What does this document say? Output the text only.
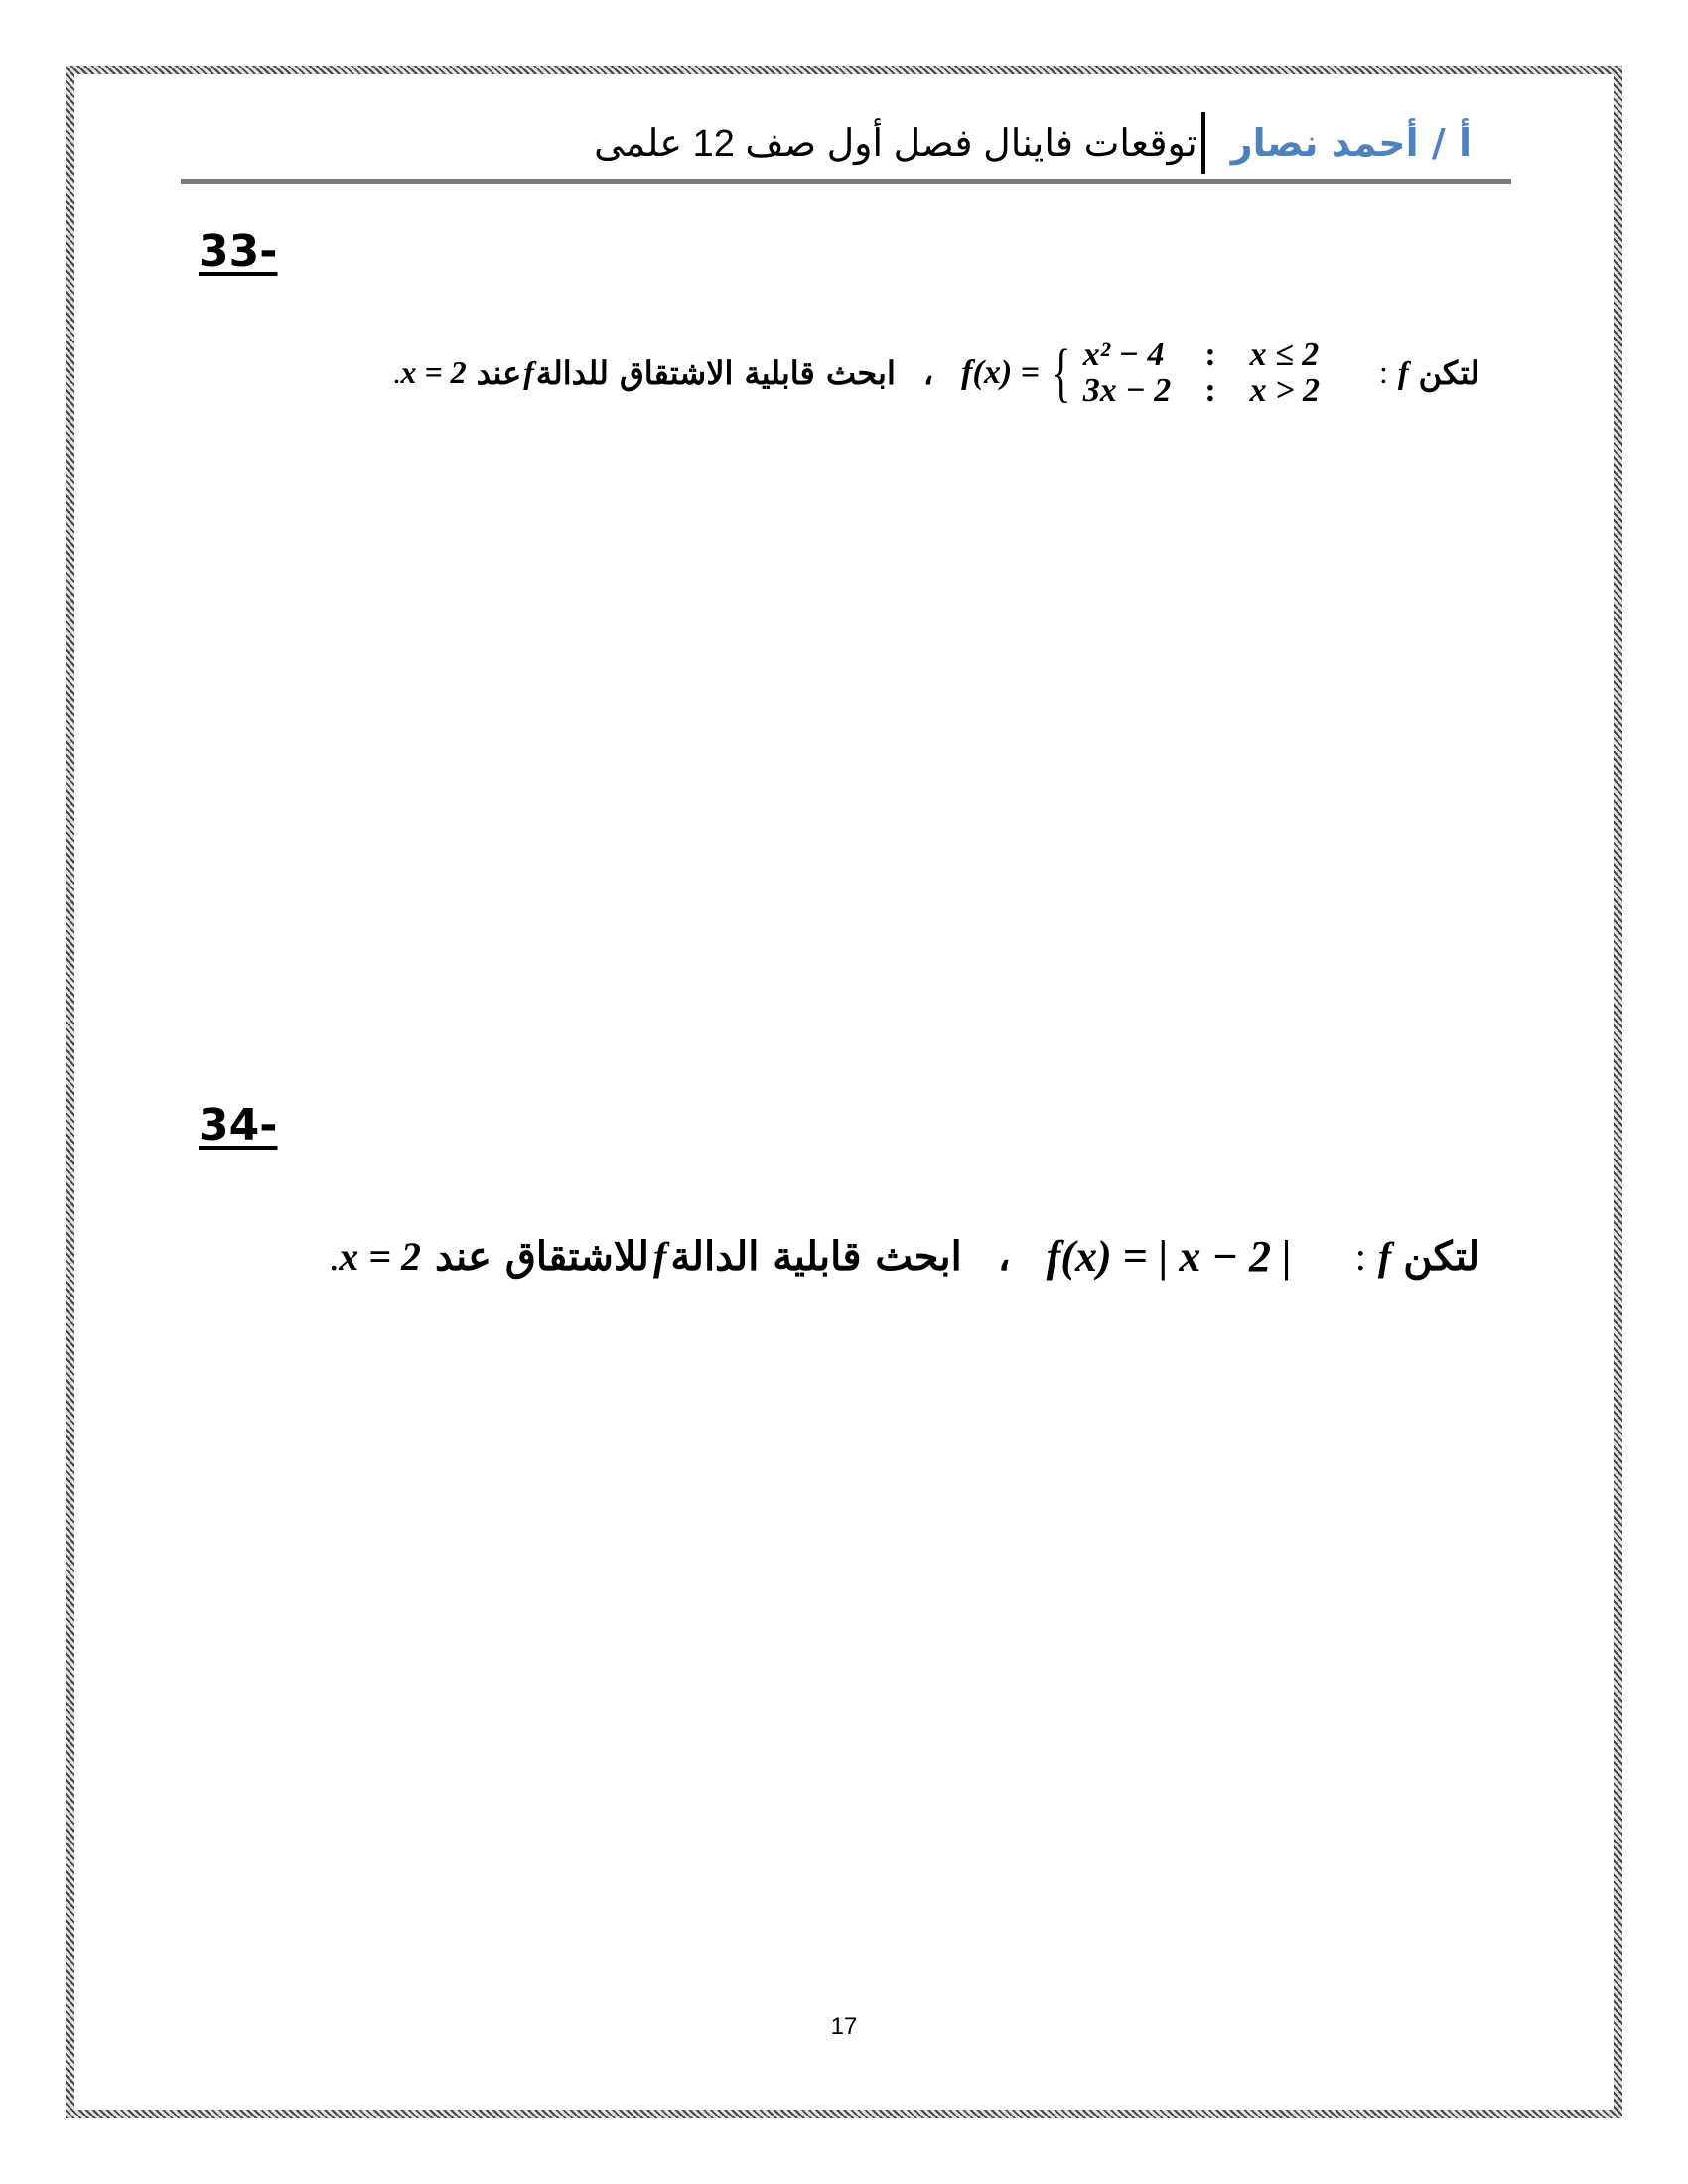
أ / أحمد نصار
توقعات فاينال فصل أول صف 12 علمى
33-
لتكن
f
:
f(x) = { x² − 4 : x ≤ 2
3x − 2 : x > 2
،
ابحث قابلية الاشتقاق للدالة
f
عند
. x = 2
34-
لتكن
f
:
f(x) = | x − 2 |
،
ابحث قابلية الدالة
f
للاشتقاق عند
. x = 2
17
